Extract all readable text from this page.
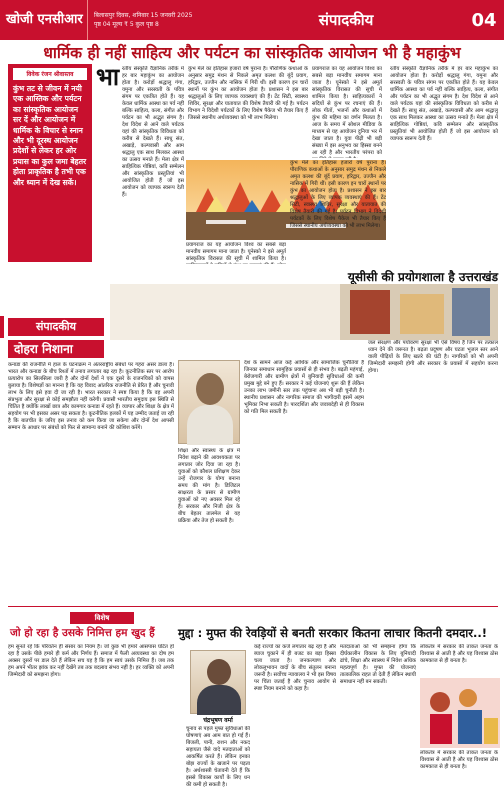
खोजी एनसीआर	बिलासपुर दिवस, शनिवार 15 जनवरी 2025
पृष्ठ 04 मूल्य ₹ 5 कुल पृष्ठ 8	संपादकीय	04
धार्मिक ही नहीं साहित्य और पर्यटन का सांस्कृतिक आयोजन भी है महाकुंभ
विवेक रंजन श्रीवास्तव
कुंभ तट से जीवन में नयी एक आस्तिक और पर्यटन का सांस्कृतिक आयोजन सर दें और आयोजन में धार्मिक के विचार से स्नान और भी दूरस्थ आयोजन प्रदेशों से लेकर हर ओर प्रयास का कुल जमा बेहतर होता प्राकृतिक है तभी एक और ध्यान में देख सकें।
भा रतीय संस्कृति वैज्ञानिक तरीके में हर बार महाकुंभ का आयोजन होता है। करोड़ों श्रद्धालु गंगा, यमुना और सरस्वती के पवित्र संगम पर एकत्रित होते हैं। यह केवल धार्मिक आस्था का पर्व नहीं बल्कि साहित्य, कला, संगीत और पर्यटन का भी अद्भुत संगम है। देश विदेश से आने वाले पर्यटक यहां की सांस्कृतिक विविधता को करीब से देखते हैं। साधु संत, अखाड़े, कल्पवासी और आम श्रद्धालु एक साथ मिलकर आस्था का उत्सव मनाते हैं। मेला क्षेत्र में साहित्यिक गोष्ठियां, कवि सम्मेलन और सांस्कृतिक प्रस्तुतियां भी आयोजित होती हैं जो इस आयोजन को व्यापक स्वरूप देती हैं।
कुंभ मेले का इतिहास हजारों वर्ष पुराना है। पौराणिक कथाओं के अनुसार समुद्र मंथन से निकले अमृत कलश की बूंदें प्रयाग, हरिद्वार, उज्जैन और नासिक में गिरी थीं। इसी कारण इन चारों स्थानों पर कुंभ का आयोजन होता है। प्रशासन ने इस बार श्रद्धालुओं के लिए व्यापक व्यवस्थाएं की हैं। टेंट सिटी, स्वास्थ्य शिविर, सुरक्षा और यातायात की विशेष तैयारी की गई है। पर्यटन विभाग ने विदेशी पर्यटकों के लिए विशेष पैकेज भी तैयार किए हैं जिससे स्थानीय अर्थव्यवस्था को भी लाभ मिलेगा।
प्रयागराज का यह आयोजन विश्व का सबसे बड़ा मानवीय समागम माना जाता है। यूनेस्को ने इसे अमूर्त सांस्कृतिक विरासत की सूची में शामिल किया है। साहित्यकारों ने सदियों से कुंभ पर रचनाएं की हैं। लोक गीतों, भजनों और कथाओं में कुंभ की महिमा का वर्णन मिलता है। आज के समय में सोशल मीडिया के माध्यम से यह आयोजन दुनिया भर में देखा जाता है। युवा पीढ़ी भी बड़ी संख्या में इस अनुभव का हिस्सा बनने आ रही है और भारतीय परंपरा को
रतीय संस्कृति वैज्ञानिक तरीके में हर बार महाकुंभ का आयोजन होता है। करोड़ों श्रद्धालु गंगा, यमुना और सरस्वती के पवित्र संगम पर एकत्रित होते हैं। यह केवल धार्मिक आस्था का पर्व नहीं बल्कि साहित्य, कला, संगीत और पर्यटन का भी अद्भुत संगम है। देश विदेश से आने वाले पर्यटक यहां की सांस्कृतिक विविधता को करीब से देखते हैं। साधु संत, अखाड़े, कल्पवासी और आम श्रद्धालु एक साथ मिलकर आस्था का उत्सव मनाते हैं। मेला क्षेत्र में साहित्यिक गोष्ठियां, कवि सम्मेलन और सांस्कृतिक प्रस्तुतियां भी आयोजित होती हैं जो इस आयोजन को व्यापक स्वरूप देती हैं।
प्रयागराज का यह आयोजन विश्व का सबसे बड़ा मानवीय समागम माना जाता है। यूनेस्को ने इसे अमूर्त सांस्कृतिक विरासत की सूची में शामिल किया है।
कुंभ मेले का इतिहास हजारों वर्ष पुराना है। पौराणिक कथाओं के अनुसार समुद्र मंथन से निकले अमृत कलश की बूंदें प्रयाग, हरिद्वार, उज्जैन और नासिक में गिरी थीं। इसी कारण इन चारों स्थानों पर कुंभ का आयोजन होता है। प्रशासन ने इस बार श्रद्धालुओं के लिए व्यापक व्यवस्थाएं की हैं। टेंट सिटी, स्वास्थ्य शिविर, सुरक्षा और यातायात की विशेष तैयारी की गई है। पर्यटन विभाग ने विदेशी पर्यटकों के लिए विशेष पैकेज भी तैयार किए हैं जिससे स्थानीय अर्थव्यवस्था को भी लाभ मिलेगा।
यूसीसी की प्रयोगशाला है उत्तराखंड
संपादकीय
दोहरा निशाना
कनाडा की राजनीति में हाल के घटनाक्रम ने अंतरराष्ट्रीय संबंधों पर गहरा असर डाला है। भारत और कनाडा के बीच रिश्तों में तनाव लगातार बढ़ रहा है। कूटनीतिक स्तर पर आरोप प्रत्यारोप का सिलसिला जारी है और दोनों देशों ने एक दूसरे के राजनयिकों को वापस बुलाया है। विशेषज्ञों का मानना है कि यह विवाद आंतरिक राजनीति से प्रेरित है और चुनावी लाभ के लिए इसे हवा दी जा रही है। भारत सरकार ने स्पष्ट किया है कि वह अपनी संप्रभुता और सुरक्षा से कोई समझौता नहीं करेगी। प्रवासी भारतीय समुदाय इस स्थिति से चिंतित है क्योंकि लाखों छात्र और कामगार कनाडा में रहते हैं। व्यापार और शिक्षा के क्षेत्र में सहयोग पर भी इसका असर पड़ सकता है। कूटनीतिक हलकों में यह उम्मीद जताई जा रही है कि बातचीत के जरिए इस तनाव को कम किया जा सकेगा और दोनों देश आपसी सम्मान के आधार पर संबंधों को फिर से सामान्य बनाने की कोशिश करेंगे।
देश के सामने आज कई आर्थिक और सामाजिक चुनौतियां हैं जिनका समाधान सामूहिक प्रयासों से ही संभव है। बढ़ती महंगाई, बेरोजगारी और ग्रामीण क्षेत्रों में बुनियादी सुविधाओं की कमी प्रमुख मुद्दे बने हुए हैं। सरकार ने कई योजनाएं शुरू की हैं लेकिन उनका लाभ जमीनी स्तर तक पहुंचाना अब भी बड़ी चुनौती है। स्थानीय प्रशासन और नागरिक समाज की भागीदारी इसमें अहम भूमिका निभा सकती है। पारदर्शिता और जवाबदेही से ही विकास को गति मिल सकती है।
शिक्षा और स्वास्थ्य के क्षेत्र में निवेश बढ़ाने की आवश्यकता पर लगातार जोर दिया जा रहा है। युवाओं को कौशल प्रशिक्षण देकर उन्हें रोजगार के योग्य बनाना समय की मांग है। डिजिटल साक्षरता के प्रसार से ग्रामीण युवाओं को नए अवसर मिल रहे हैं। सरकार और निजी क्षेत्र के बीच बेहतर तालमेल से यह प्रक्रिया और तेज हो सकती है।
जल संरक्षण और पर्यावरण सुरक्षा भी ऐसे विषय हैं जिन पर तत्काल ध्यान देने की जरूरत है। बढ़ता प्रदूषण और घटता भूजल स्तर आने वाली पीढ़ियों के लिए खतरे की घंटी है। नागरिकों को भी अपनी जिम्मेदारी समझनी होगी और सरकार के प्रयासों में सहयोग करना होगा।
विशेष
जो हो रहा है उसके निमित्त हम खुद हैं	मुद्दा : मुफ्त की रेवड़ियों से बनती सरकार कितना लाचार कितनी दमदार..!
हम सुनते रहे कि परिवर्तन ही संसार का नियम है। जो कुछ भी हमारे आसपास घटित हो रहा है उसके पीछे हमारे ही कर्म और निर्णय हैं। समाज में फैली अव्यवस्था का दोष हम अक्सर दूसरों पर डाल देते हैं लेकिन सच यह है कि हम स्वयं उसके निमित्त हैं। जब तक हम अपने भीतर झांक कर नहीं देखेंगे तब तक बदलाव संभव नहीं है। हर व्यक्ति को अपनी जिम्मेदारी को समझना होगा।
चंद्रभूषण वर्मा
चुनाव से पहले मुफ्त सुविधाओं की घोषणाएं अब आम बात हो गई हैं। बिजली, पानी, राशन और नकद सहायता जैसे वादे मतदाताओं को आकर्षित करते हैं। लेकिन इनका बोझ राज्यों के खजाने पर पड़ता है। अर्थशास्त्री चेतावनी देते हैं कि इससे विकास कार्यों के लिए धन की कमी हो सकती है।
कई राज्यों का कर्ज लगातार बढ़ रहा है और ब्याज चुकाने में ही बजट का बड़ा हिस्सा चला जाता है। जनकल्याण और लोकलुभावन वादों के बीच संतुलन बनाना जरूरी है। सर्वोच्च न्यायालय ने भी इस विषय पर चिंता जताई है और चुनाव आयोग से स्पष्ट नियम बनाने को कहा है।
मतदाताओं को भी समझना होगा कि दीर्घकालीन विकास के लिए बुनियादी ढांचे, शिक्षा और स्वास्थ्य में निवेश अधिक महत्वपूर्ण है। मुफ्त की योजनाएं तात्कालिक राहत तो देती हैं लेकिन स्थायी समाधान नहीं बन सकतीं।
लोकतंत्र में सरकार की ताकत जनता के विश्वास से आती है और यह विश्वास ठोस कामकाज से ही बनता है।
लोकतंत्र में सरकार की ताकत जनता के विश्वास से आती है और यह विश्वास ठोस कामकाज से ही बनता है।
